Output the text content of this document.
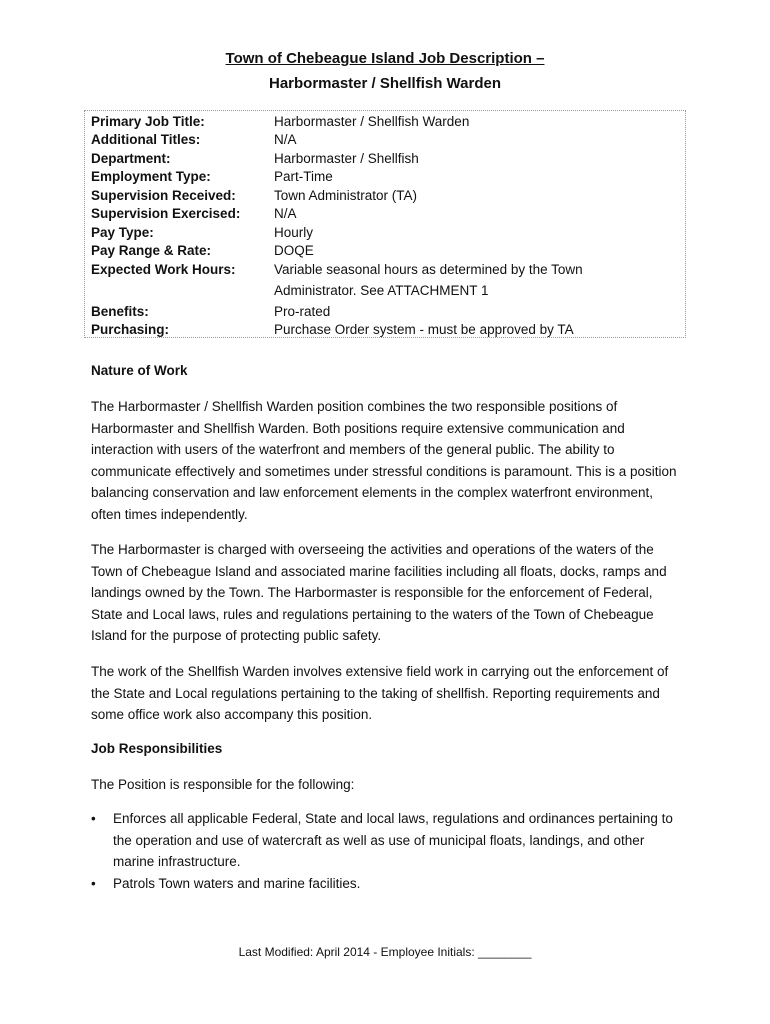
Town of Chebeague Island Job Description –
Harbormaster / Shellfish Warden
Primary Job Title:	Harbormaster / Shellfish Warden
Additional Titles:	N/A
Department:	Harbormaster / Shellfish
Employment Type:	Part-Time
Supervision Received:	Town Administrator (TA)
Supervision Exercised: N/A
Pay Type:	Hourly
Pay Range & Rate:	DOQE
Expected Work Hours:	Variable seasonal hours as determined by the Town
Administrator. See ATTACHMENT 1
Benefits:	Pro-rated
Purchasing:	Purchase Order system - must be approved by TA
Nature of Work
The Harbormaster / Shellfish Warden position combines the two responsible positions of Harbormaster and Shellfish Warden. Both positions require extensive communication and interaction with users of the waterfront and members of the general public. The ability to communicate effectively and sometimes under stressful conditions is paramount. This is a position balancing conservation and law enforcement elements in the complex waterfront environment, often times independently.
The Harbormaster is charged with overseeing the activities and operations of the waters of the Town of Chebeague Island and associated marine facilities including all floats, docks, ramps and landings owned by the Town. The Harbormaster is responsible for the enforcement of Federal, State and Local laws, rules and regulations pertaining to the waters of the Town of Chebeague Island for the purpose of protecting public safety.
The work of the Shellfish Warden involves extensive field work in carrying out the enforcement of the State and Local regulations pertaining to the taking of shellfish. Reporting requirements and some office work also accompany this position.
Job Responsibilities
The Position is responsible for the following:
• Enforces all applicable Federal, State and local laws, regulations and ordinances pertaining to the operation and use of watercraft as well as use of municipal floats, landings, and other marine infrastructure.
• Patrols Town waters and marine facilities.
Last Modified: April 2014 - Employee Initials: ________
